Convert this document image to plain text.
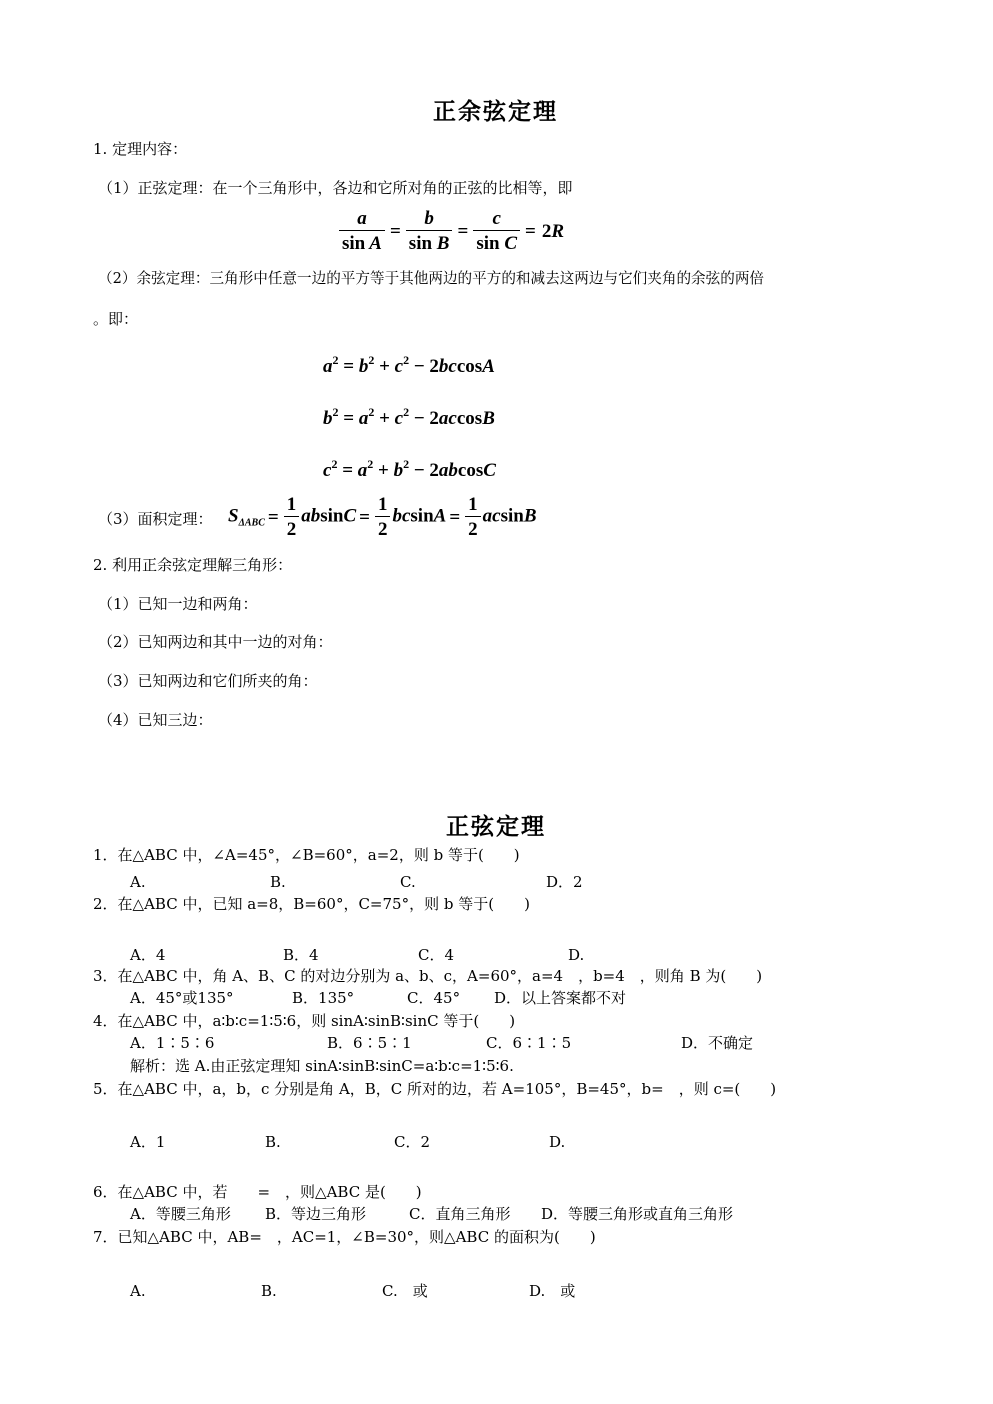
正余弦定理
1. 定理内容：
（1）正弦定理：在一个三角形中，各边和它所对角的正弦的比相等，即
$\frac{a}{\text{sin A}} = \frac{b}{\text{sin B}} = \frac{c}{\text{sin C}} = 2R$
（2）余弦定理：三角形中任意一边的平方等于其他两边的平方的和减去这两边与它们夹角的余弦的两倍
。即：
$a^2 = b^2 + c^2 - 2bccosA$
$b^2 = a^2 + c^2 - 2accosB$
$c^2 = a^2 + b^2 - 2abcosC$
（3）面积定理： $S_{\Delta ABC} = \frac{1}{2}$ $absinC = \frac{1}{2}$ $bcsinA = \frac{1}{2}$ acsinB
2. 利用正余弦定理解三角形：
（1）已知一边和两角：
（2）已知两边和其中一边的对角：
（3）已知两边和它们所夹的角：
（4）已知三边：
正弦定理
1．在△ABC 中，∠A=45°，∠B=60°，a=2，则 b 等于(　　)
A.	B.	C.	D．2
2．在△ABC 中，已知 a=8，B=60°，C=75°，则 b 等于(　　)
A．4	B．4	C．4	D.
3．在△ABC 中，角 A、B、C 的对边分别为 a、b、c，A=60°，a=4　，b=4　，则角 B 为(　　)
A．45°或135°	B．135°	C．45° D．以上答案都不对
4．在△ABC 中，a∶b∶c=1∶5∶6，则 sinA∶sinB∶sinC 等于(　　)
A．1∶5∶6	B．6∶5∶1	C．6∶1∶5	D．不确定
解析：选 A.由正弦定理知 sinA∶sinB∶sinC=a∶b∶c=1∶5∶6.
5．在△ABC 中，a，b，c 分别是角 A，B，C 所对的边，若 A=105°，B=45°，b=　，则 c=(　　)
A．1	B.	C．2	D.
6．在△ABC 中，若　　=　，则△ABC 是(　　)
A．等腰三角形 B．等边三角形	C．直角三角形 D．等腰三角形或直角三角形
7．已知△ABC 中，AB=　，AC=1，∠B=30°，则△ABC 的面积为(　　)
A.	B.	C.　或	D.　或
